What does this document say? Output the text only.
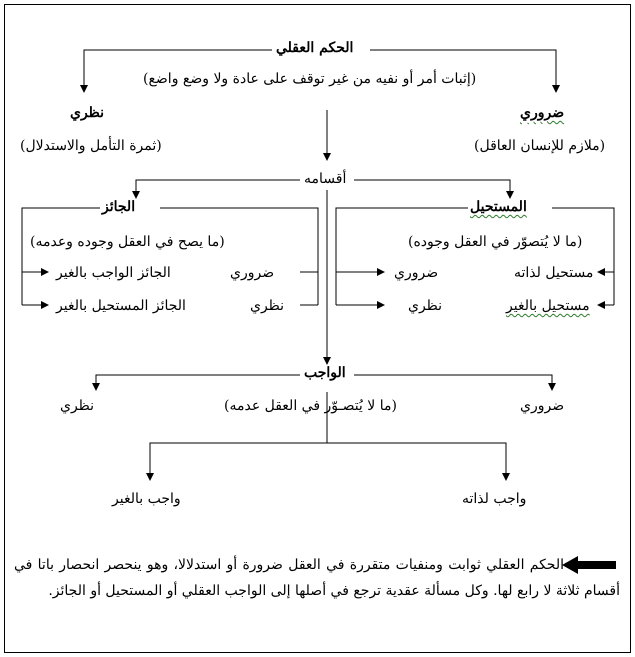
الحكم العقلي
(إثبات أمر أو نفيه من غير توقف على عادة ولا وضع واضع)
نظري
(ثمرة التأمل والاستدلال)
ضروري
(ملازم للإنسان العاقل)
أقسامه
الجائز
(ما يصح في العقل وجوده وعدمه)
ضروري
الجائز الواجب بالغير
نظري
الجائز المستحيل بالغير
المستحيل
(ما لا يُتصوّر في العقل وجوده)
مستحيل لذاته
ضروري
مستحيل بالغير
نظري
الواجب
نظري	ضروري
(ما لا يُتصـوّر في العقل عدمه)
واجب لذاته
واجب بالغير
الحكم العقلي ثوابت ومنفيات متقررة في العقل ضرورة أو استدلالا، وهو ينحصر انحصار باتا في أقسام ثلاثة لا رابع لها. وكل مسألة عقدية ترجع في أصلها إلى الواجب العقلي أو المستحيل أو الجائز.
